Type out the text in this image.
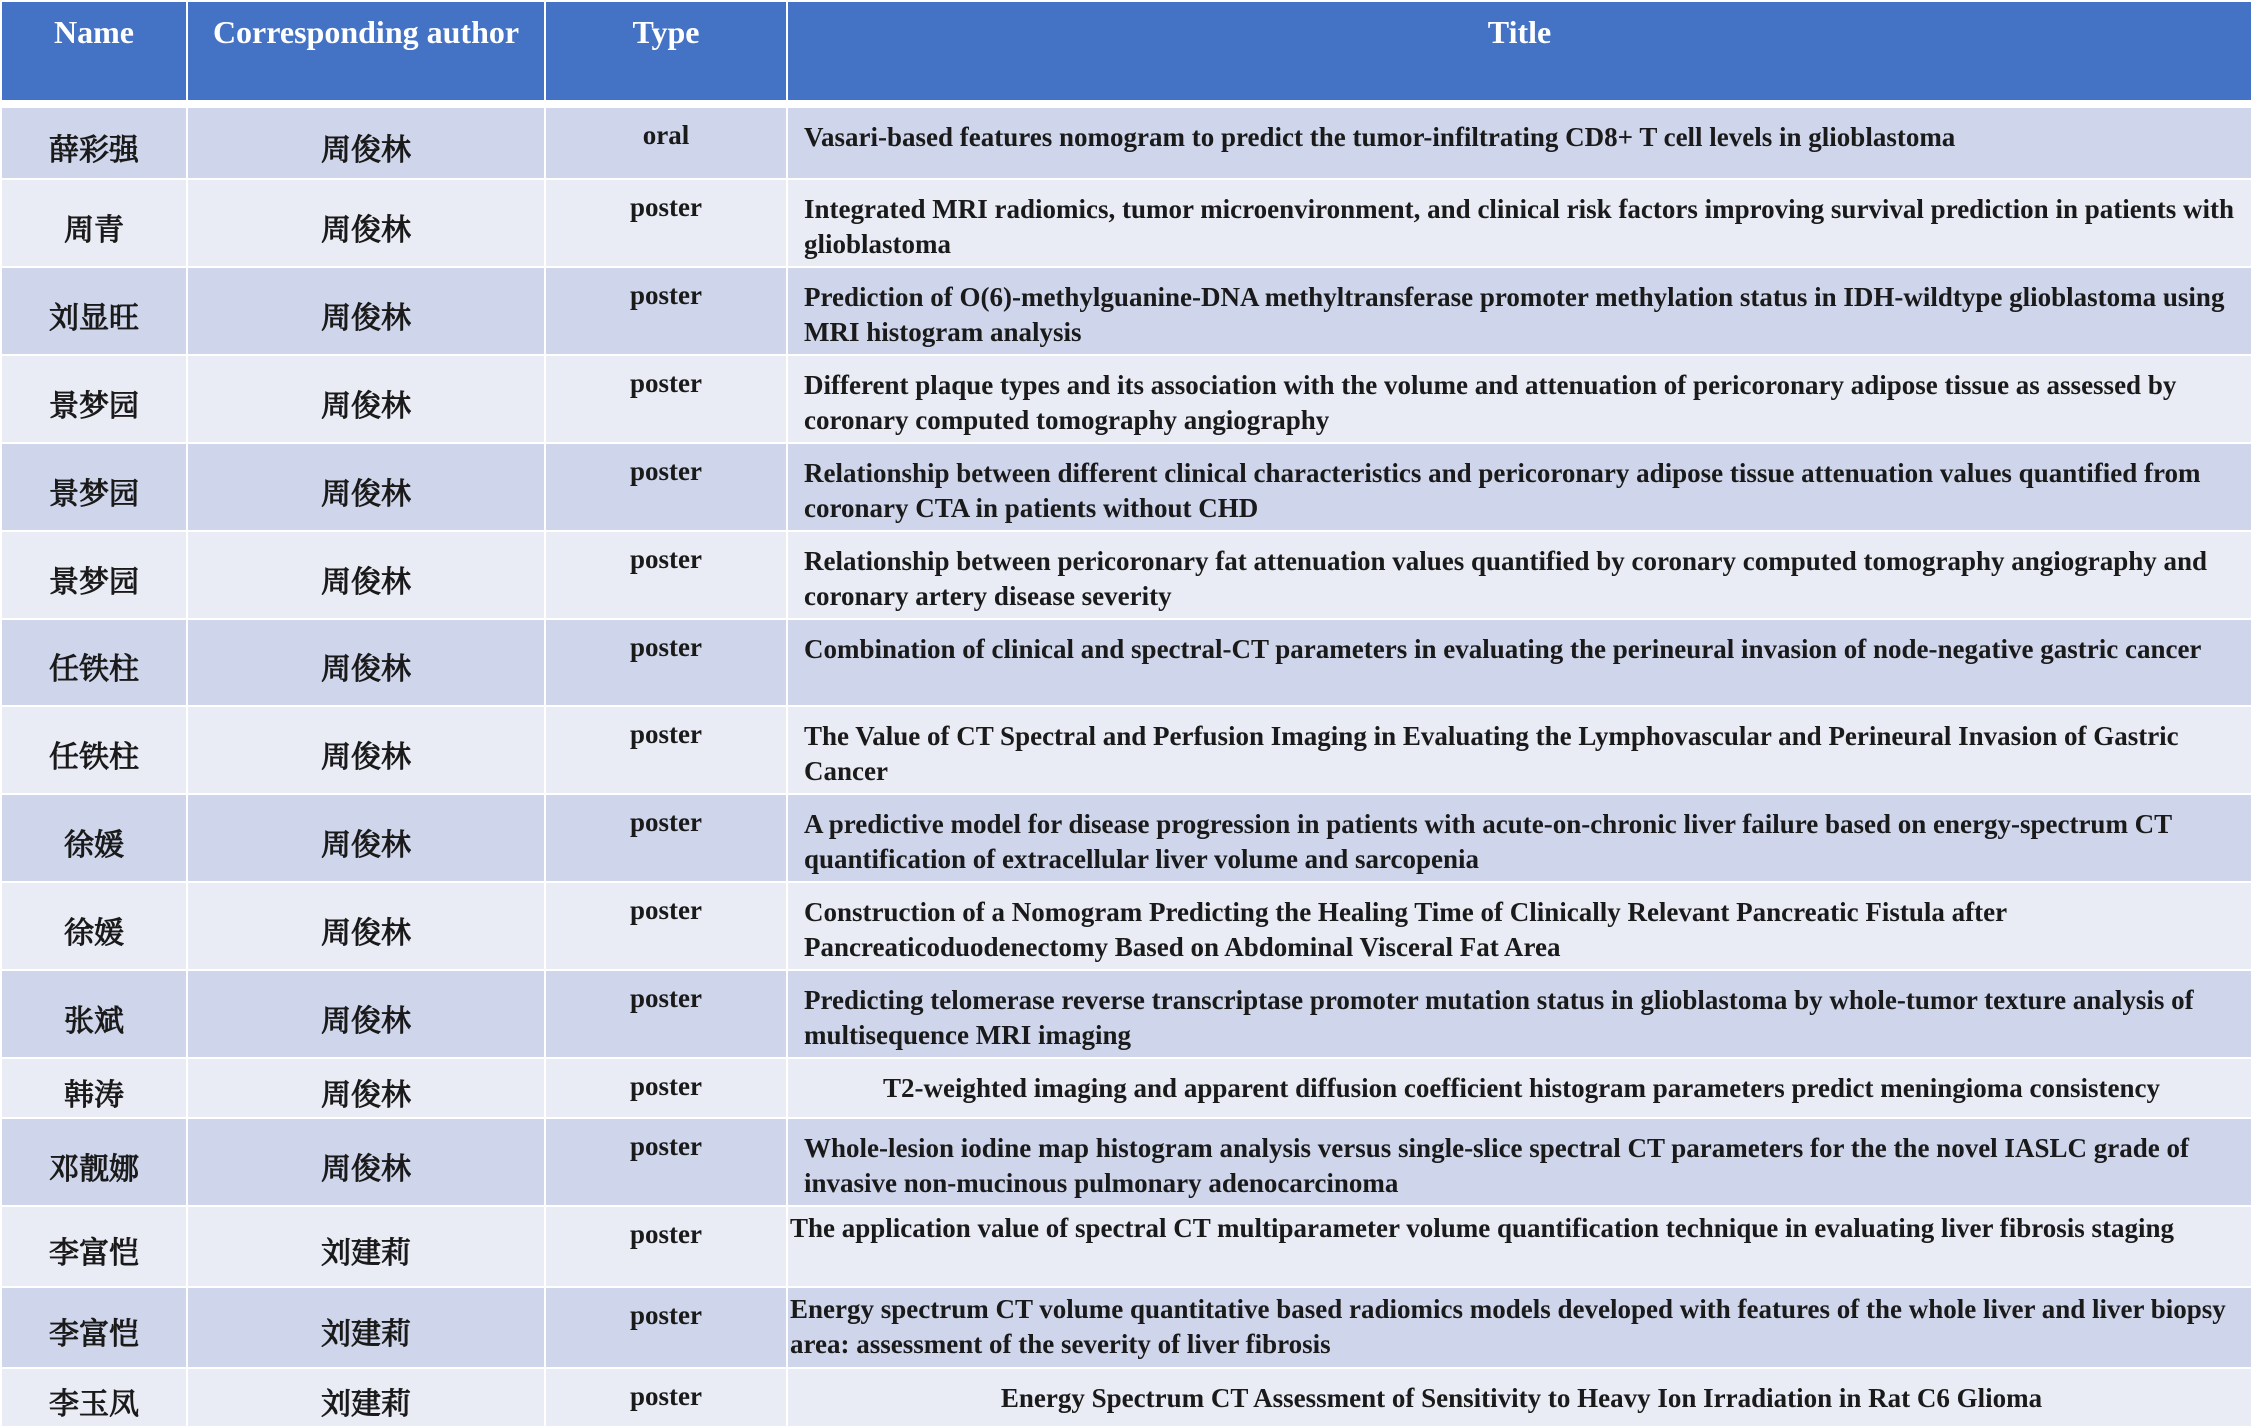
Name	Corresponding author	Type	Title
薛彩强	周俊林	oral	Vasari-based features nomogram to predict the tumor-infiltrating CD8+ T cell levels in glioblastoma
周青	周俊林	poster	Integrated MRI radiomics, tumor microenvironment, and clinical risk factors improving survival prediction in patients with glioblastoma
刘显旺	周俊林	poster	Prediction of O(6)-methylguanine-DNA methyltransferase promoter methylation status in IDH-wildtype glioblastoma using MRI histogram analysis
景梦园	周俊林	poster	Different plaque types and its association with the volume and attenuation of pericoronary adipose tissue as assessed by coronary computed tomography angiography
景梦园	周俊林	poster	Relationship between different clinical characteristics and pericoronary adipose tissue attenuation values quantified from coronary CTA in patients without CHD
景梦园	周俊林	poster	Relationship between pericoronary fat attenuation values quantified by coronary computed tomography angiography and coronary artery disease severity
任铁柱	周俊林	poster	Combination of clinical and spectral-CT parameters in evaluating the perineural invasion of node-negative gastric cancer
任铁柱	周俊林	poster	The Value of CT Spectral and Perfusion Imaging in Evaluating the Lymphovascular and Perineural Invasion of Gastric Cancer
徐媛	周俊林	poster	A predictive model for disease progression in patients with acute-on-chronic liver failure based on energy-spectrum CT quantification of extracellular liver volume and sarcopenia
徐媛	周俊林	poster	Construction of a Nomogram Predicting the Healing Time of Clinically Relevant Pancreatic Fistula after Pancreaticoduodenectomy Based on Abdominal Visceral Fat Area
张斌	周俊林	poster	Predicting telomerase reverse transcriptase promoter mutation status in glioblastoma by whole-tumor texture analysis of multisequence MRI imaging
韩涛	周俊林	poster	T2-weighted imaging and apparent diffusion coefficient histogram parameters predict meningioma consistency
邓靓娜	周俊林	poster	Whole-lesion iodine map histogram analysis versus single-slice spectral CT parameters for the the novel IASLC grade of invasive non-mucinous pulmonary adenocarcinoma
李富恺	刘建莉	poster	The application value of spectral CT multiparameter volume quantification technique in evaluating liver fibrosis staging
李富恺	刘建莉	poster	Energy spectrum CT volume quantitative based radiomics models developed with features of the whole liver and liver biopsy area: assessment of the severity of liver fibrosis
李玉凤	刘建莉	poster	Energy Spectrum CT Assessment of Sensitivity to Heavy Ion Irradiation in Rat C6 Glioma
